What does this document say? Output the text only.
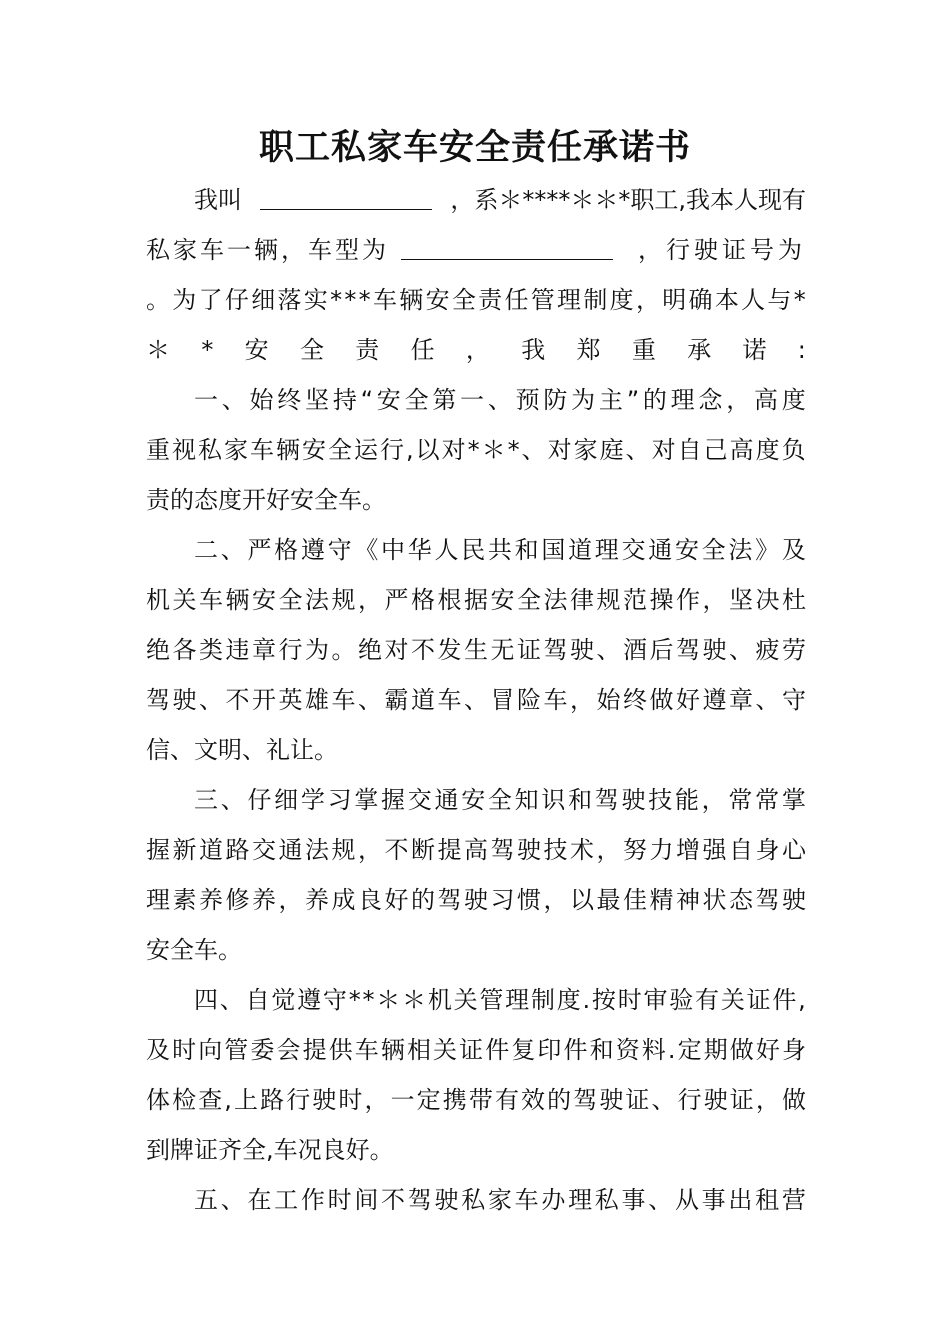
职工私家车安全责任承诺书
我叫	，系＊****＊＊*职工,我本人现有
私家车一辆，车型为	，行驶证号为
。 为 了 仔 细 落 实 * * * 车 辆 安 全 责 任 管 理 制 度 ， 明 确 本 人 与 *
＊ * 安 全 责 任 ， 我 郑 重 承 诺 :
一 、 始 终 坚 持 “ 安 全 第 一 、 预 防 为 主 ” 的 理 念 ， 高 度
重 视 私 家 车 辆 安 全 运 行 , 以 对 * ＊ * 、 对 家 庭 、 对 自 己 高 度 负
责的态度开好安全车。
二 、 严 格 遵 守 《 中 华 人 民 共 和 国 道 理 交 通 安 全 法 》 及
机 关 车 辆 安 全 法 规 ， 严 格 根 据 安 全 法 律 规 范 操 作 ， 坚 决 杜
绝 各 类 违 章 行 为 。 绝 对 不 发 生 无 证 驾 驶 、 酒 后 驾 驶 、 疲 劳
驾 驶 、 不 开 英 雄 车 、 霸 道 车 、 冒 险 车 ， 始 终 做 好 遵 章 、 守
信、文明、礼让。
三 、 仔 细 学 习 掌 握 交 通 安 全 知 识 和 驾 驶 技 能 ， 常 常 掌
握 新 道 路 交 通 法 规 ， 不 断 提 高 驾 驶 技 术 ， 努 力 增 强 自 身 心
理 素 养 修 养 ， 养 成 良 好 的 驾 驶 习 惯 ， 以 最 佳 精 神 状 态 驾 驶
安全车。
四 、 自 觉 遵 守 * * ＊ ＊ 机 关 管 理 制 度 . 按 时 审 验 有 关 证 件 ,
及 时 向 管 委 会 提 供 车 辆 相 关 证 件 复 印 件 和 资 料 . 定 期 做 好 身
体 检 查 , 上 路 行 驶 时 ， 一 定 携 带 有 效 的 驾 驶 证 、 行 驶 证 ， 做
到牌证齐全,车况良好。
五 、 在 工 作 时 间 不 驾 驶 私 家 车 办 理 私 事 、 从 事 出 租 营
